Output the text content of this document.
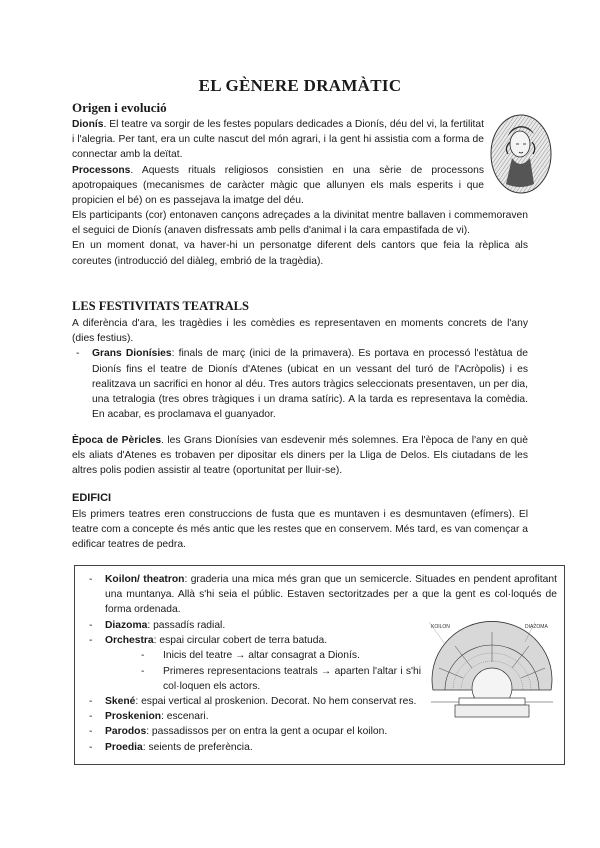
EL GÈNERE DRAMÀTIC
Origen i evolució

Dionís. El teatre va sorgir de les festes populars dedicades a Dionís, déu del vi, la fertilitat i l'alegria. Per tant, era un culte nascut del món agrari, i la gent hi assistia com a forma de connectar amb la deïtat.

Processons. Aquests rituals religiosos consistien en una sèrie de processons apotropaiques (mecanismes de caràcter màgic que allunyen els mals esperits i que propicien el bé) on es passejava la imatge del déu.

Els participants (cor) entonaven cançons adreçades a la divinitat mentre ballaven i commemoraven el seguici de Dionís (anaven disfressats amb pells d'animal i la cara empastifada de vi).

En un moment donat, va haver-hi un personatge diferent dels cantors que feia la rèplica als coreutes (introducció del diàleg, embrió de la tragèdia).

LES FESTIVITATS TEATRALS

A diferència d'ara, les tragèdies i les comèdies es representaven en moments concrets de l'any (dies festius).

- Grans Dionísies: finals de març (inici de la primavera). Es portava en processó l'estàtua de Dionís fins el teatre de Dionís d'Atenes (ubicat en un vessant del turó de l'Acròpolis) i es realitzava un sacrifici en honor al déu. Tres autors tràgics seleccionats presentaven, un per dia, una tetralogia (tres obres tràgiques i un drama satíric). A la tarda es representava la comèdia. En acabar, es proclamava el guanyador.

Època de Pèricles. les Grans Dionísies van esdevenir més solemnes. Era l'època de l'any en què els aliats d'Atenes es trobaven per dipositar els diners per la Lliga de Delos. Els ciutadans de les altres polis podien assistir al teatre (oportunitat per lluir-se).

EDIFICI

Els primers teatres eren construccions de fusta que es muntaven i es desmuntaven (efímers). El teatre com a concepte és més antic que les restes que en conservem. Més tard, es van començar a edificar teatres de pedra.

- Koilon/ theatron: graderia una mica més gran que un semicercle. Situades en pendent aprofitant una muntanya. Allà s'hi seia el públic. Estaven sectoritzades per a que la gent es col·loqués de forma ordenada.
- Diazoma: passadís radial.
- Orchestra: espai circular cobert de terra batuda.
- Inicis del teatre → altar consagrat a Dionís.
- Primeres representacions teatrals → aparten l'altar i s'hi col·loquen els actors.
- Skené: espai vertical al proskenion. Decorat. No hem conservat res.
- Proskenion: escenari.
- Parodos: passadissos per on entra la gent a ocupar el koilon.
- Proedia: seients de preferència.
KOILON	DIAZOMA
